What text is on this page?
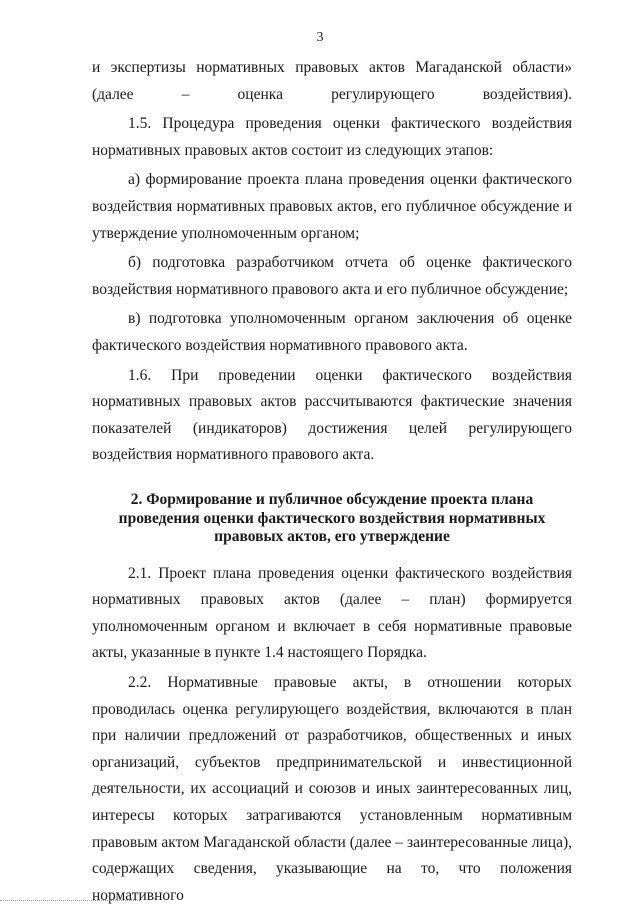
3

и экспертизы нормативных правовых актов Магаданской области» (далее – оценка регулирующего воздействия).

1.5. Процедура проведения оценки фактического воздействия нормативных правовых актов состоит из следующих этапов:

а) формирование проекта плана проведения оценки фактического воздействия нормативных правовых актов, его публичное обсуждение и утверждение уполномоченным органом;

б) подготовка разработчиком отчета об оценке фактического воздействия нормативного правового акта и его публичное обсуждение;

в) подготовка уполномоченным органом заключения об оценке фактического воздействия нормативного правового акта.

1.6. При проведении оценки фактического воздействия нормативных правовых актов рассчитываются фактические значения показателей (индикаторов) достижения целей регулирующего воздействия нормативного правового акта.

2. Формирование и публичное обсуждение проекта плана проведения оценки фактического воздействия нормативных правовых актов, его утверждение

2.1. Проект плана проведения оценки фактического воздействия нормативных правовых актов (далее – план) формируется уполномоченным органом и включает в себя нормативные правовые акты, указанные в пункте 1.4 настоящего Порядка.

2.2. Нормативные правовые акты, в отношении которых проводилась оценка регулирующего воздействия, включаются в план при наличии предложений от разработчиков, общественных и иных организаций, субъектов предпринимательской и инвестиционной деятельности, их ассоциаций и союзов и иных заинтересованных лиц, интересы которых затрагиваются установленным нормативным правовым актом Магаданской области (далее – заинтересованные лица), содержащих сведения, указывающие на то, что положения нормативного
